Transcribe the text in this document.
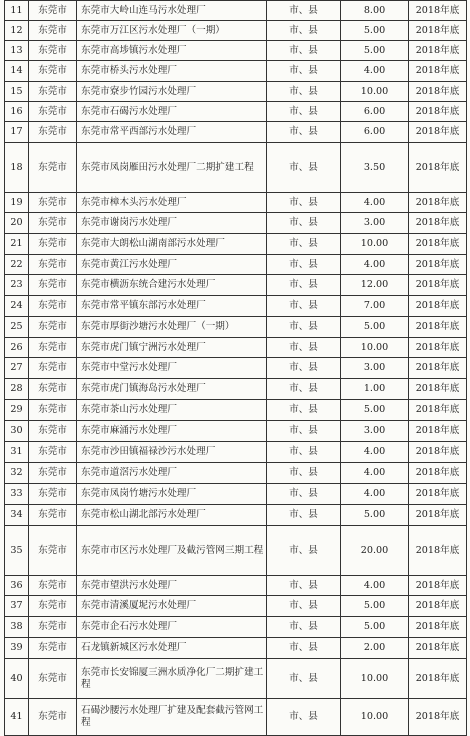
11	东莞市	东莞市大岭山连马污水处理厂	市、县	8.00	2018年底
12	东莞市	东莞市万江区污水处理厂（一期）	市、县	5.00	2018年底
13	东莞市	东莞市高埗镇污水处理厂	市、县	5.00	2018年底
14	东莞市	东莞市桥头污水处理厂	市、县	4.00	2018年底
15	东莞市	东莞市寮步竹园污水处理厂	市、县	10.00	2018年底
16	东莞市	东莞市石碣污水处理厂	市、县	6.00	2018年底
17	东莞市	东莞市常平西部污水处理厂	市、县	6.00	2018年底
18	东莞市	东莞市凤岗雁田污水处理厂二期扩建工程	市、县	3.50	2018年底
19	东莞市	东莞市樟木头污水处理厂	市、县	4.00	2018年底
20	东莞市	东莞市谢岗污水处理厂	市、县	3.00	2018年底
21	东莞市	东莞市大朗松山湖南部污水处理厂	市、县	10.00	2018年底
22	东莞市	东莞市黄江污水处理厂	市、县	4.00	2018年底
23	东莞市	东莞市横沥东统合建污水处理厂	市、县	12.00	2018年底
24	东莞市	东莞市常平镇东部污水处理厂	市、县	7.00	2018年底
25	东莞市	东莞市厚街沙塘污水处理厂（一期）	市、县	5.00	2018年底
26	东莞市	东莞市虎门镇宁洲污水处理厂	市、县	10.00	2018年底
27	东莞市	东莞市中堂污水处理厂	市、县	3.00	2018年底
28	东莞市	东莞市虎门镇海岛污水处理厂	市、县	1.00	2018年底
29	东莞市	东莞市茶山污水处理厂	市、县	5.00	2018年底
30	东莞市	东莞市麻涌污水处理厂	市、县	3.00	2018年底
31	东莞市	东莞市沙田镇福禄沙污水处理厂	市、县	4.00	2018年底
32	东莞市	东莞市道滘污水处理厂	市、县	4.00	2018年底
33	东莞市	东莞市凤岗竹塘污水处理厂	市、县	4.00	2018年底
34	东莞市	东莞市松山湖北部污水处理厂	市、县	5.00	2018年底
35	东莞市	东莞市市区污水处理厂及截污管网三期工程	市、县	20.00	2018年底
36	东莞市	东莞市望洪污水处理厂	市、县	4.00	2018年底
37	东莞市	东莞市清溪厦坭污水处理厂	市、县	5.00	2018年底
38	东莞市	东莞市企石污水处理厂	市、县	5.00	2018年底
39	东莞市	石龙镇新城区污水处理厂	市、县	2.00	2018年底
40	东莞市	东莞市长安锦厦三洲水质净化厂二期扩建工程	市、县	10.00	2018年底
41	东莞市	石碣沙腰污水处理厂扩建及配套截污管网工程	市、县	10.00	2018年底
